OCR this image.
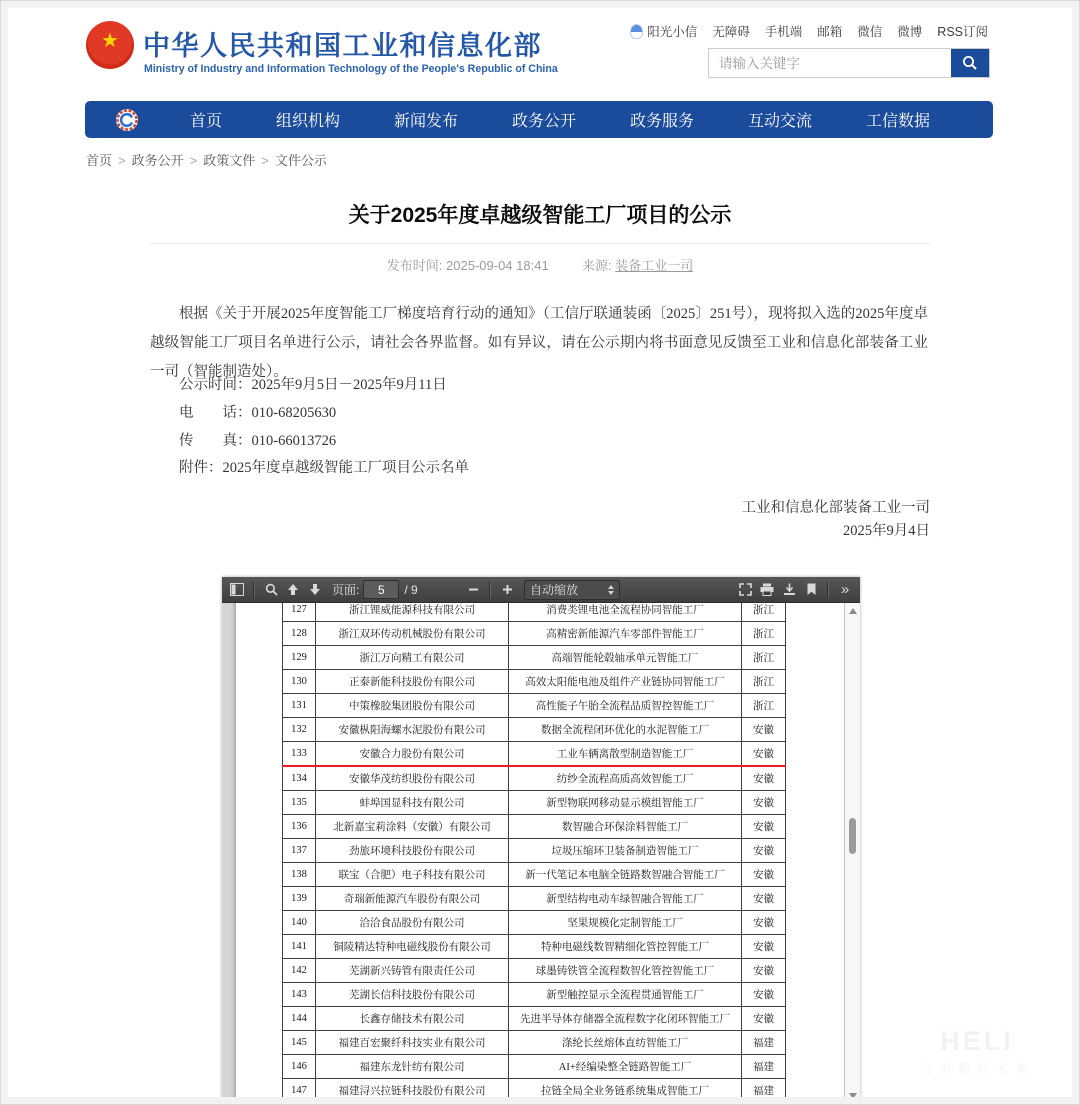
★ 中华人民共和国工业和信息化部
Ministry of Industry and Information Technology of the People's Republic of China
阳光小信 无障碍 手机端 邮箱 微信 微博 RSS订阅
请输入关键字
首页	组织机构	新闻发布	政务公开	政务服务	互动交流	工信数据
首页 > 政务公开 > 政策文件 > 文件公示
关于2025年度卓越级智能工厂项目的公示
发布时间: 2025-09-04 18:41	来源: 装备工业一司
根据《关于开展2025年度智能工厂梯度培育行动的通知》（工信厅联通装函〔2025〕251号），现将拟入选的2025年度卓越级智能工厂项目名单进行公示，请社会各界监督。如有异议，请在公示期内将书面意见反馈至工业和信息化部装备工业一司（智能制造处）。

公示时间：2025年9月5日－2025年9月11日

电　　话：010-68205630

传　　真：010-66013726

附件：2025年度卓越级智能工厂项目公示名单
工业和信息化部装备工业一司
2025年9月4日
页面:
5	/ 9	自动缩放	»
127	浙江锂威能源科技有限公司	消费类锂电池全流程协同智能工厂	浙江
128	浙江双环传动机械股份有限公司	高精密新能源汽车零部件智能工厂	浙江
129	浙江万向精工有限公司	高端智能轮毂轴承单元智能工厂	浙江
130	正泰新能科技股份有限公司	高效太阳能电池及组件产业链协同智能工厂	浙江
131	中策橡胶集团股份有限公司	高性能子午胎全流程品质智控智能工厂	浙江
132	安徽枞阳海螺水泥股份有限公司	数据全流程闭环优化的水泥智能工厂	安徽
133	安徽合力股份有限公司	工业车辆离散型制造智能工厂	安徽
134	安徽华茂纺织股份有限公司	纺纱全流程高质高效智能工厂	安徽
135	蚌埠国显科技有限公司	新型物联网移动显示模组智能工厂	安徽
136	北新嘉宝莉涂料（安徽）有限公司	数智融合环保涂料智能工厂	安徽
137	劲旅环境科技股份有限公司	垃圾压缩环卫装备制造智能工厂	安徽
138	联宝（合肥）电子科技有限公司	新一代笔记本电脑全链路数智融合智能工厂	安徽
139	奇瑞新能源汽车股份有限公司	新型结构电动车绿智融合智能工厂	安徽
140	洽洽食品股份有限公司	坚果规模化定制智能工厂	安徽
141	铜陵精达特种电磁线股份有限公司	特种电磁线数智精细化管控智能工厂	安徽
142	芜湖新兴铸管有限责任公司	球墨铸铁管全流程数智化管控智能工厂	安徽
143	芜湖长信科技股份有限公司	新型触控显示全流程贯通智能工厂	安徽
144	长鑫存储技术有限公司	先进半导体存储器全流程数字化闭环智能工厂	安徽
145	福建百宏聚纤科技实业有限公司	涤纶长丝熔体直纺智能工厂	福建
146	福建东龙针纺有限公司	AI+经编染整全链路智能工厂	福建
147	福建浔兴拉链科技股份有限公司	拉链全局全业务链系统集成智能工厂	福建
HELI
合力提升未来
